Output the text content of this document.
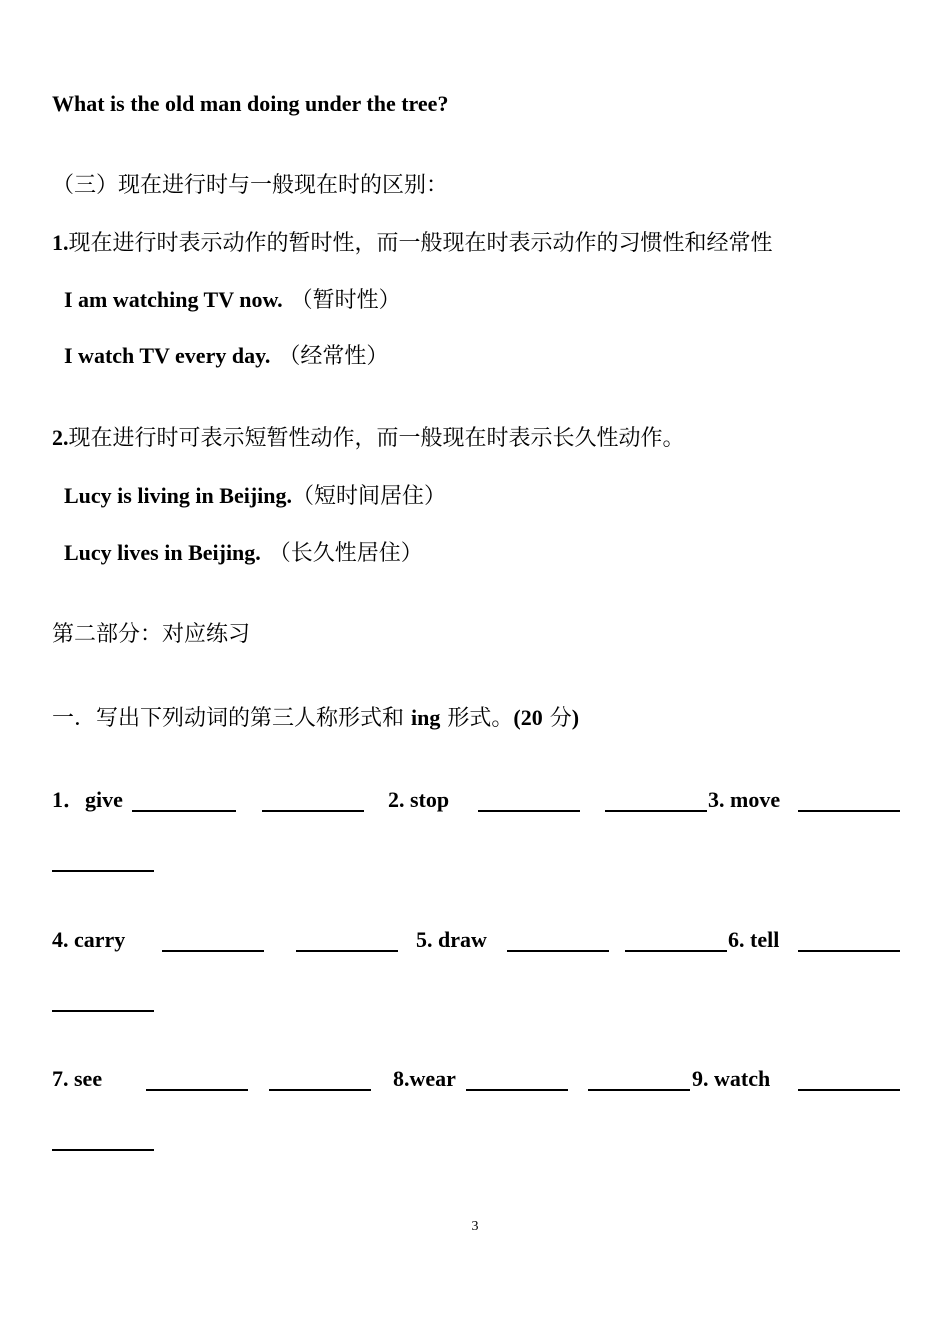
What is the old man doing under the tree?
（三）现在进行时与一般现在时的区别：
1.现在进行时表示动作的暂时性，而一般现在时表示动作的习惯性和经常性
I am watching TV now. （暂时性）
I watch TV every day. （经常性）
2.现在进行时可表示短暂性动作，而一般现在时表示长久性动作。
Lucy is living in Beijing.（短时间居住）
Lucy lives in Beijing. （长久性居住）
第二部分：对应练习
一．写出下列动词的第三人称形式和 ing 形式。(20 分)
1．give	2. stop	3. move
4. carry	5. draw	6. tell
7. see	8.wear	9. watch
3
